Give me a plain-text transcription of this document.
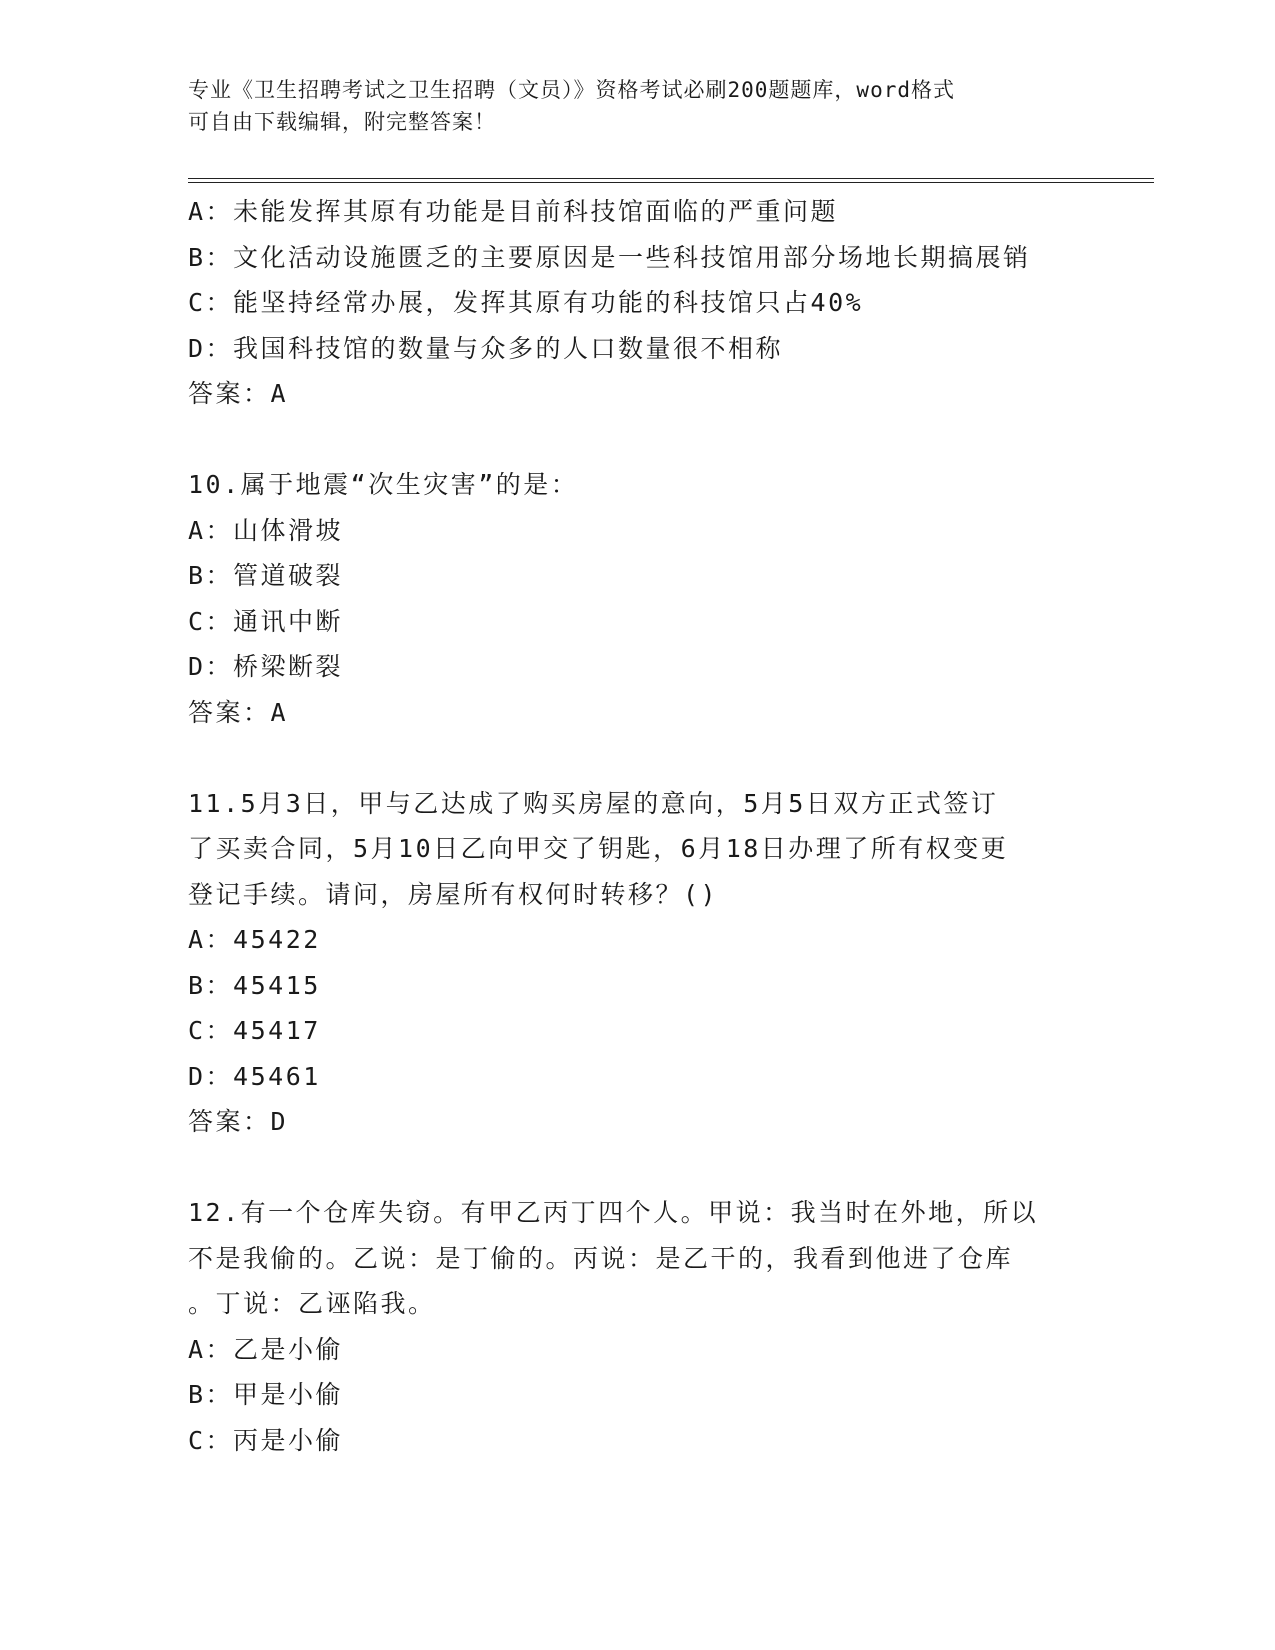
专业《卫生招聘考试之卫生招聘（文员）》资格考试必刷200题题库，word格式
可自由下载编辑，附完整答案！
A：未能发挥其原有功能是目前科技馆面临的严重问题
B：文化活动设施匮乏的主要原因是一些科技馆用部分场地长期搞展销
C：能坚持经常办展，发挥其原有功能的科技馆只占40%
D：我国科技馆的数量与众多的人口数量很不相称
答案：A
10.属于地震“次生灾害”的是：
A：山体滑坡
B：管道破裂
C：通讯中断
D：桥梁断裂
答案：A
11.5月3日，甲与乙达成了购买房屋的意向，5月5日双方正式签订
了买卖合同，5月10日乙向甲交了钥匙，6月18日办理了所有权变更
登记手续。请问，房屋所有权何时转移？()
A：45422
B：45415
C：45417
D：45461
答案：D
12.有一个仓库失窃。有甲乙丙丁四个人。甲说：我当时在外地，所以
不是我偷的。乙说：是丁偷的。丙说：是乙干的，我看到他进了仓库
。丁说：乙诬陷我。
A：乙是小偷
B：甲是小偷
C：丙是小偷
